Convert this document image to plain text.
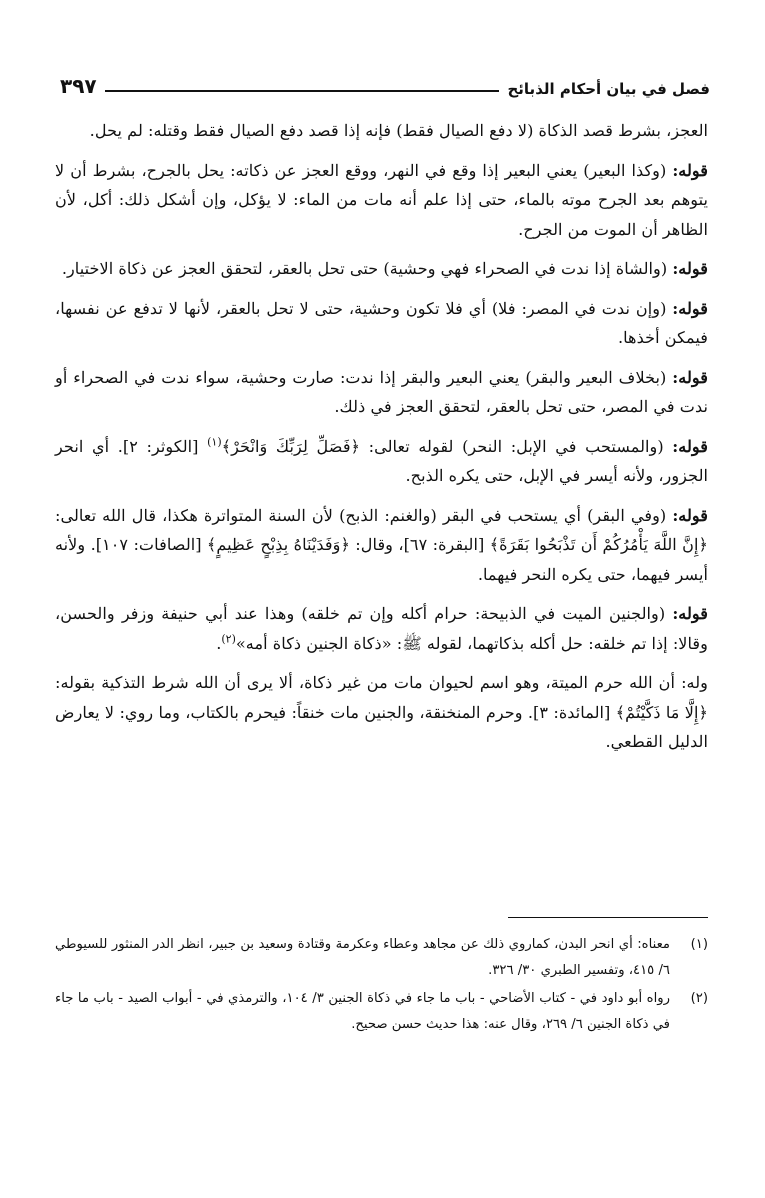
فصل في بيان أحكام الذبائح
٣٩٧

العجز، بشرط قصد الذكاة (لا دفع الصيال فقط) فإنه إذا قصد دفع الصيال فقط وقتله: لم يحل.

قوله: (وكذا البعير) يعني البعير إذا وقع في النهر، ووقع العجز عن ذكاته: يحل بالجرح، بشرط أن لا يتوهم بعد الجرح موته بالماء، حتى إذا علم أنه مات من الماء: لا يؤكل، وإن أشكل ذلك: أكل، لأن الظاهر أن الموت من الجرح.

قوله: (والشاة إذا ندت في الصحراء فهي وحشية) حتى تحل بالعقر، لتحقق العجز عن ذكاة الاختيار.

قوله: (وإن ندت في المصر: فلا) أي فلا تكون وحشية، حتى لا تحل بالعقر، لأنها لا تدفع عن نفسها، فيمكن أخذها.

قوله: (بخلاف البعير والبقر) يعني البعير والبقر إذا ندت: صارت وحشية، سواء ندت في الصحراء أو ندت في المصر، حتى تحل بالعقر، لتحقق العجز في ذلك.

قوله: (والمستحب في الإبل: النحر) لقوله تعالى: ﴿فَصَلِّ لِرَبِّكَ وَانْحَرْ﴾$^{(١)}$ [الكوثر: ٢]. أي انحر الجزور، ولأنه أيسر في الإبل، حتى يكره الذبح.

قوله: (وفي البقر) أي يستحب في البقر (والغنم: الذبح) لأن السنة المتواترة هكذا، قال الله تعالى: ﴿إِنَّ اللَّهَ يَأْمُرُكُمْ أَن تَذْبَحُوا بَقَرَةً﴾ [البقرة: ٦٧]، وقال: ﴿وَفَدَيْنَاهُ بِذِبْحٍ عَظِيمٍ﴾ [الصافات: ١٠٧]. ولأنه أيسر فيهما، حتى يكره النحر فيهما.

قوله: (والجنين الميت في الذبيحة: حرام أكله وإن تم خلقه) وهذا عند أبي حنيفة وزفر والحسن، وقالا: إذا تم خلقه: حل أكله بذكاتهما، لقوله ﷺ: «ذكاة الجنين ذكاة أمه»$^{(٢)}$.

وله: أن الله حرم الميتة، وهو اسم لحيوان مات من غير ذكاة، ألا يرى أن الله شرط التذكية بقوله: ﴿إِلَّا مَا ذَكَّيْتُمْ﴾ [المائدة: ٣]. وحرم المنخنقة، والجنين مات خنقاً: فيحرم بالكتاب، وما روي: لا يعارض الدليل القطعي.

(١)
معناه: أي انحر البدن، كماروي ذلك عن مجاهد وعطاء وعكرمة وقتادة وسعيد بن جبير، انظر الدر المنثور للسيوطي ٦/ ٤١٥، وتفسير الطبري ٣٠/ ٣٢٦.
(٢)
رواه أبو داود في - كتاب الأضاحي - باب ما جاء في ذكاة الجنين ٣/ ١٠٤، والترمذي في - أبواب الصيد - باب ما جاء في ذكاة الجنين ٦/ ٢٦٩، وقال عنه: هذا حديث حسن صحيح.
